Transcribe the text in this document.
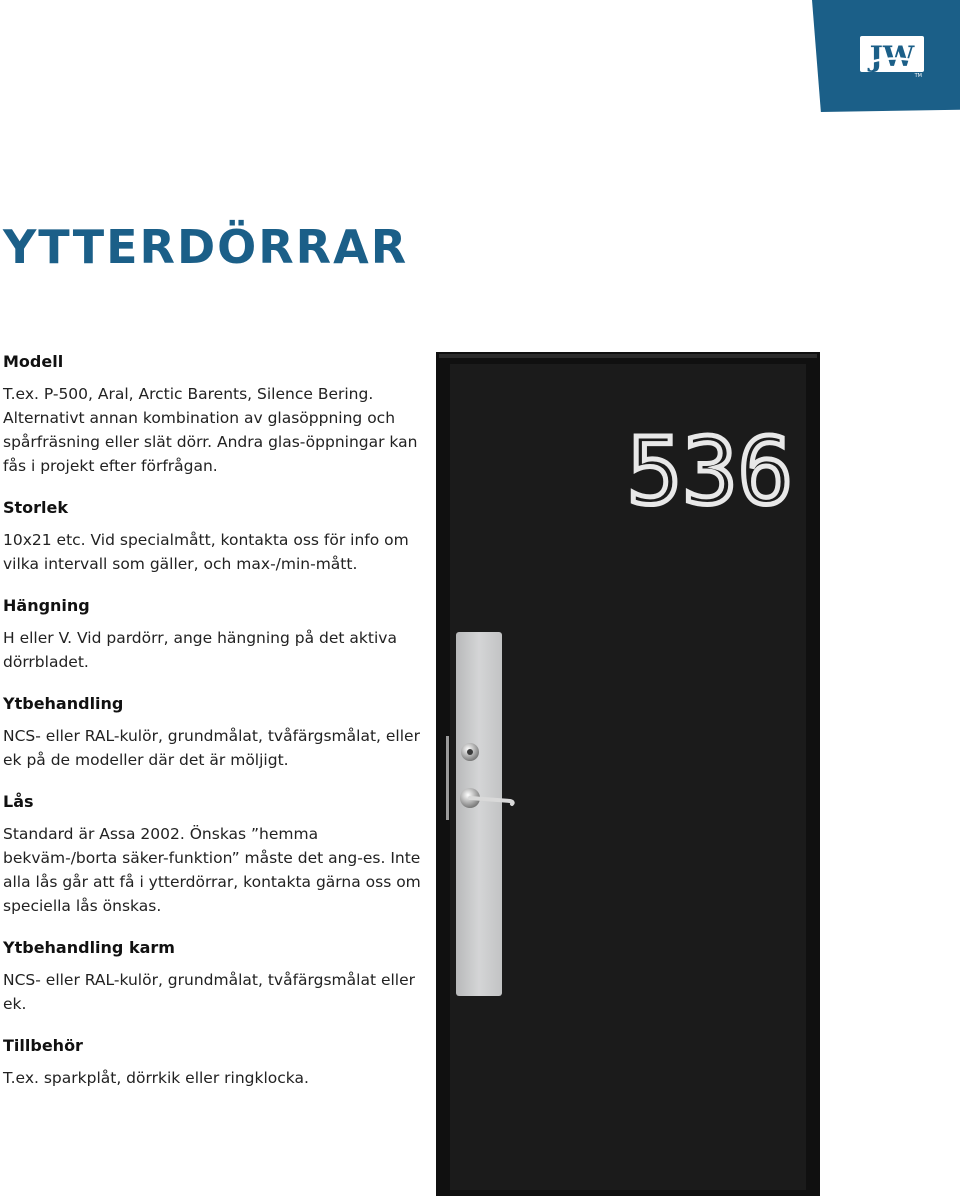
JW
TM
YTTERDÖRRAR
Modell

T.ex. P-500, Aral, Arctic Barents, Silence Bering. Alternativt annan kombination av glasöppning och spårfräsning eller slät dörr. Andra glas-öppningar kan fås i projekt efter förfrågan.

Storlek

10x21 etc. Vid specialmått, kontakta oss för info om vilka intervall som gäller, och max-/min-mått.

Hängning

H eller V. Vid pardörr, ange hängning på det aktiva dörrbladet.

Ytbehandling

NCS- eller RAL-kulör, grundmålat, tvåfärgsmålat, eller ek på de modeller där det är möljigt.

Lås

Standard är Assa 2002. Önskas ”hemma bekväm-/borta säker-funktion” måste det ang-es. Inte alla lås går att få i ytterdörrar, kontakta gärna oss om speciella lås önskas.

Ytbehandling karm

NCS- eller RAL-kulör, grundmålat, tvåfärgsmålat eller ek.

Tillbehör

T.ex. sparkplåt, dörrkik eller ringklocka.

536
